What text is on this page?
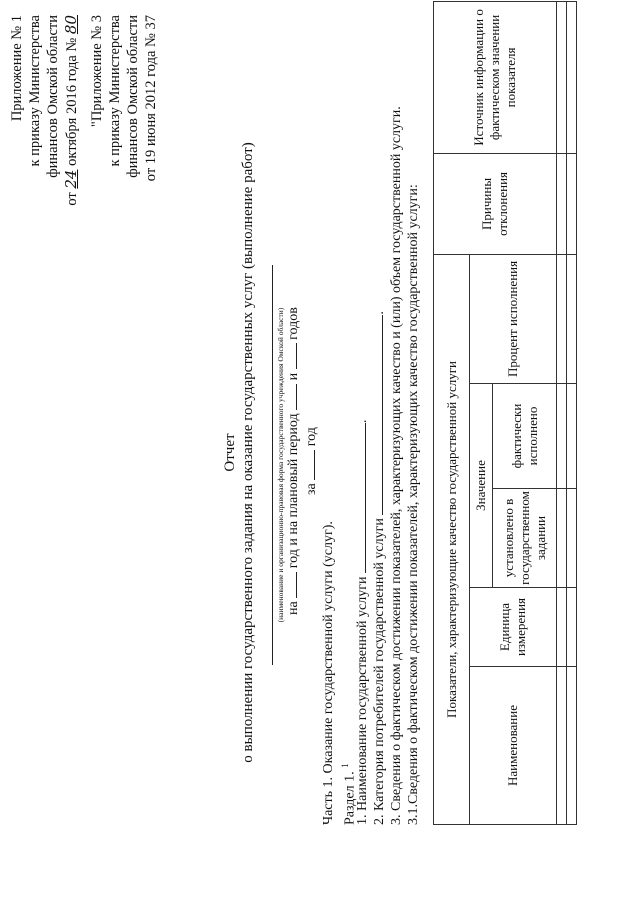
Приложение № 1 к приказу Министерства финансов Омской области
от 24 октября 2016 года № 80 "Приложение № 3 к приказу Министерства финансов Омской области от 19 июня 2012 года № 37
Отчет о выполнении государственного задания на оказание государственных услуг (выполнение работ)	(наименование и организационно-правовая форма государственного учреждения Омской области) на  год и на плановый период  и  годов
за  год
Часть 1. Оказание государственной услуги (услуг). Раздел 1. $^1$ 1. Наименование государственной услуги .
2. Категория потребителей государственной услуги . 3. Сведения о фактическом достижении показателей, характеризующих качество и (или) объем государственной услуги. 3.1.Сведения о фактическом достижении показателей, характеризующих качество государственной услуги: Показатели, характеризующие качество государственной услуги					Причины отклонения	Источник информации о фактическом значении показателя
Наименование	Единица измерения	Значение		Процент исполнения		
		установлено в государственном задании	фактически исполнено			
